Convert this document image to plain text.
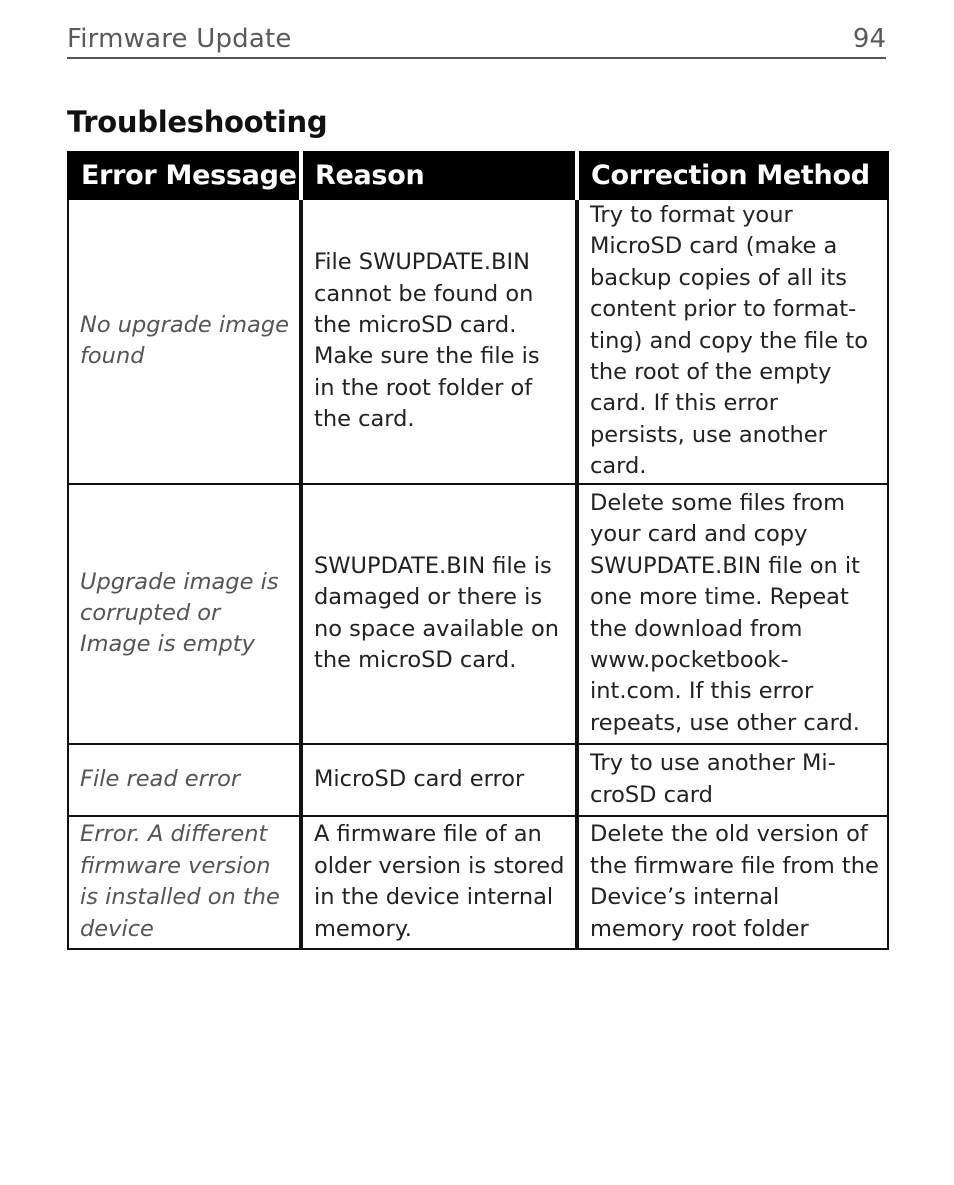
Firmware Update	94
Troubleshooting
Error Message	Reason	Correction Method
No upgrade image found	File SWUPDATE.BIN cannot be found on the microSD card. Make sure the file is in the root folder of the card.	Try to format your MicroSD card (make a backup copies of all its content prior to formatting) and copy the file to the root of the empty card. If this error persists, use another card.
Upgrade image is corrupted or Image is empty	SWUPDATE.BIN file is damaged or there is no space available on the microSD card.	Delete some files from your card and copy SWUPDATE.BIN file on it one more time. Repeat the download from www.pocketbook-int.com. If this error repeats, use other card.
File read error	MicroSD card error	Try to use another MicroSD card
Error. A different firmware version is installed on the device	A firmware file of an older version is stored in the device internal memory.	Delete the old version of the firmware file from the Device’s internal memory root folder
